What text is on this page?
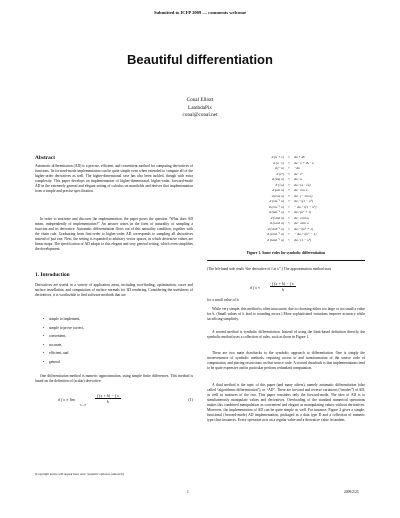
Submitted to ICFP 2009 — comments welcome
Beautiful differentiation
Conal Elliott
LambdaPix
conal@conal.net
Abstract
Automatic differentiation (AD) is a precise, efficient, and convenient method for computing derivatives of functions. Its forward-mode implementation can be quite simple even when extended to compute all of the higher-order derivatives as well. The higher-dimensional case has also been tackled, though with extra complexity. This paper develops an implementation of higher-dimensional, higher-order, forward-mode AD in the extremely general and elegant setting of calculus on manifolds and derives that implementation from a simple and precise specification.
In order to motivate and discover the implementation, the paper poses the question “What does AD mean, independently of implementation?” An answer arises in the form of naturality of sampling a function and its derivative. Automatic differentiation flows out of this naturality condition, together with the chain rule. Graduating from first-order to higher-order AD corresponds to sampling all derivatives instead of just one. Next, the setting is expanded to arbitrary vector spaces, in which derivative values are linear maps. The specification of AD adapts to this elegant and very general setting, which even simplifies the development.
1. Introduction
Derivatives are useful in a variety of application areas, including root-finding, optimization, curve and surface tessellation, and computation of surface normals for 3D rendering. Considering the usefulness of derivatives, it is worthwhile to find software methods that are
• simple to implement,
• simple to prove correct,
• convenient,
• accurate,
• efficient, and
• general.
One differentiation method is numeric approximation, using simple finite differences. This method is based on the definition of (scalar) derivative:
d f x ≡ lim
h→0
$\frac{\text{f (x + h) − f x}}{h}$	(1)
[Copyright notice will appear here once ’preprint’ option is removed.]
d (u + v)	≡	du + dv
d (u · v)	≡	du · v + dv · u
d (−u)	≡	−du
d (eᵘ)	≡	du · eᵘ
d (log u)	≡	du / u
d (√u)	≡	du / (2 · √u)
d (sin u)	≡	du · cos u
d (cos u)	≡	du · (− sin u)
d (sin⁻¹ u)	≡	du / √(1 − u²)
d (cos⁻¹ u)	≡	− du / √(1 − u²)
d (tan⁻¹ u)	≡	du / (u² + 1)
d (sinh u)	≡	du · cosh u
d (cosh u)	≡	du · sinh u
d (sinh⁻¹ u)	≡	du / √(u² + 1)
d (cosh⁻¹ u)	≡	− du / √(u² − 1)
d (tanh⁻¹ u)	≡	du / (1 − u²)
Figure 1. Some rules for symbolic differentiation
(The left-hand side reads “the derivative of f at x”.) The approximation method uses
d f $x \approx \frac{\text{f (x + h) − f x}}{h}$
for a small value of h.
While very simple, this method is often inaccurate, due to choosing either too large or too small a value for h. (Small values of h lead to rounding errors.) More sophisticated variations improve accuracy while sacrificing simplicity.
A second method is symbolic differentiation. Instead of using the limit-based definition directly, the symbolic method uses a collection of rules, such as those in Figure 1.
There are two main drawbacks to the symbolic approach to differentiation. One is simply the inconvenience of symbolic methods, requiring access to and transformation of the source code of computation, and placing restrictions on that source code. A second drawback is that implementations tend to be quite expensive and in particular perform redundant computation.
A third method is the topic of this paper (and many others), namely automatic differentiation (also called “algorithmic differentiation”), or “AD”. There are forward and reverse variations (“modes”) of AD, as well as mixtures of the two. This paper considers only the forward-mode. The idea of AD is to simultaneously manipulate values and derivatives. Overloading of the standard numerical operations makes this combined manipulation as convenient and elegant as manipulating values without derivatives. Moreover, the implementation of AD can be quite simple as well. For instance, Figure 2 gives a simple, functional (forward-mode) AD implementation, packaged as a data type D and a collection of numeric type class instances. Every operation acts on a regular value and a derivative value in tandem.
1	2009/2/25
